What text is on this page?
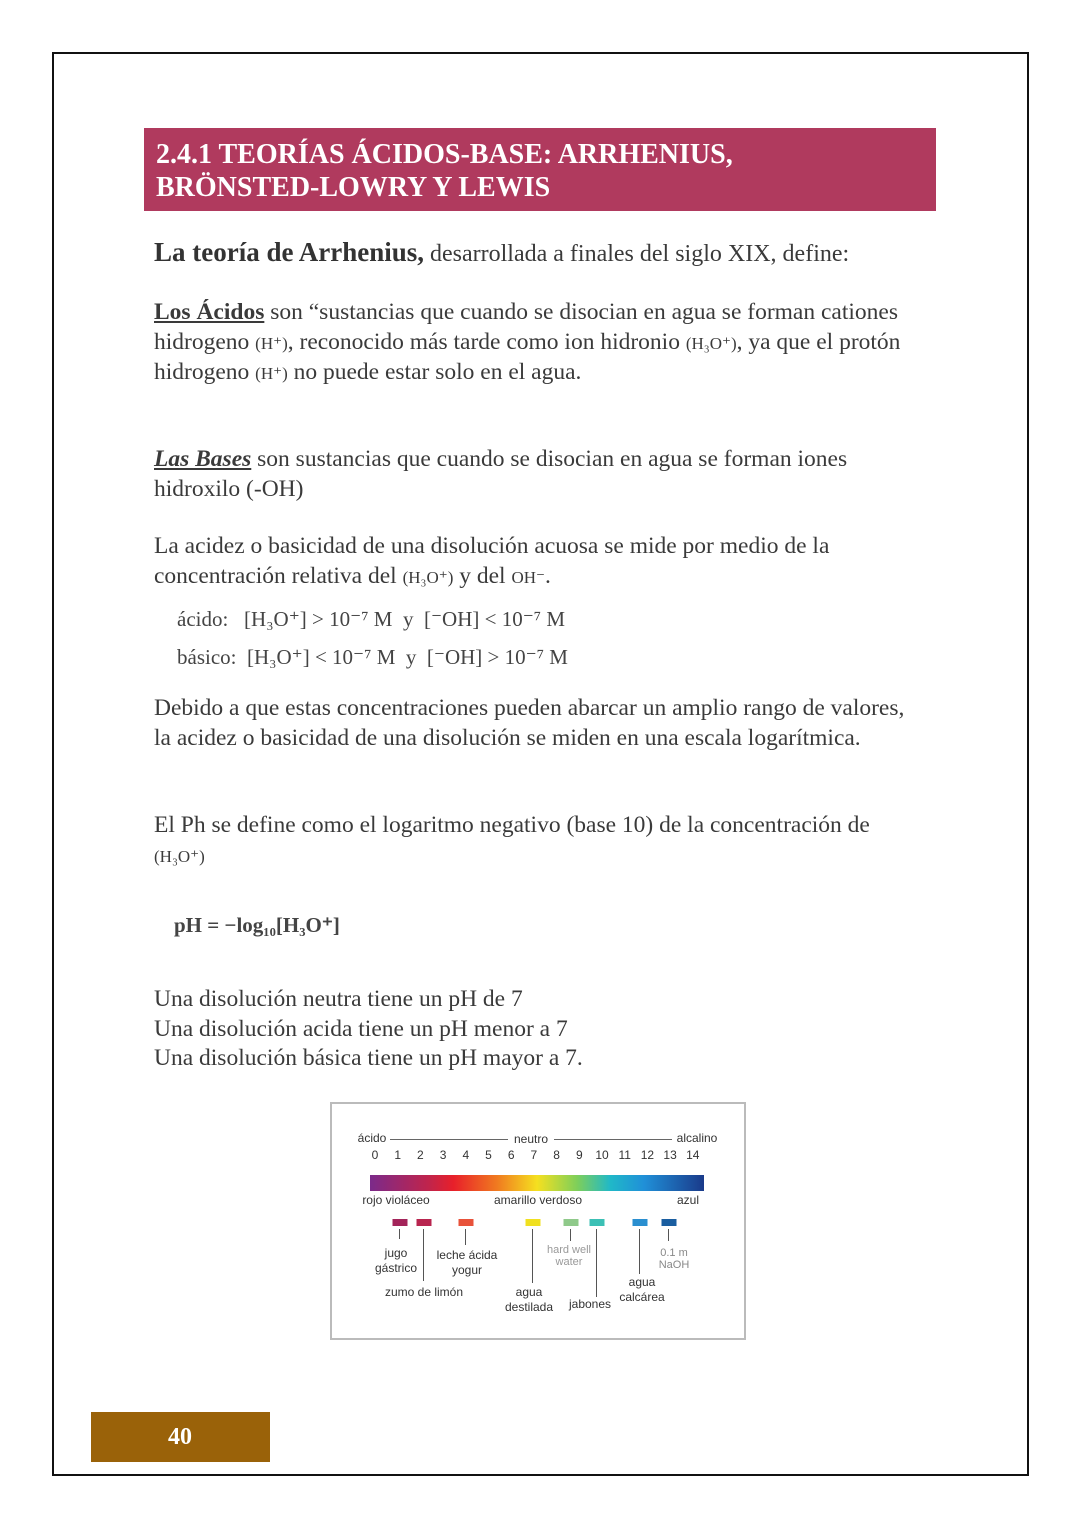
2.4.1 TEORÍAS ÁCIDOS-BASE: ARRHENIUS,
BRÖNSTED-LOWRY Y LEWIS
La teoría de Arrhenius, desarrollada a finales del siglo XIX, define:
Los Ácidos son “sustancias que cuando se disocian en agua se forman cationes hidrogeno (H⁺), reconocido más tarde como ion hidronio (H₃O⁺), ya que el protón hidrogeno (H⁺) no puede estar solo en el agua.
Las Bases son sustancias que cuando se disocian en agua se forman iones hidroxilo (-OH)
La acidez o basicidad de una disolución acuosa se mide por medio de la concentración relativa del (H₃O⁺) y del OH⁻.
ácido:   [H₃O⁺] > 10⁻⁷ M  y  [⁻OH] < 10⁻⁷ M
básico:  [H₃O⁺] < 10⁻⁷ M  y  [⁻OH] > 10⁻⁷ M
Debido a que estas concentraciones pueden abarcar un amplio rango de valores, la acidez o basicidad de una disolución se miden en una escala logarítmica.
El Ph se define como el logaritmo negativo (base 10) de la concentración de (H₃O⁺)
pH = −log₁₀[H₃O⁺]
Una disolución neutra tiene un pH de 7
Una disolución acida tiene un pH menor a 7
Una disolución básica tiene un pH mayor a 7.
ácido	neutro	alcalino
0 1 2 3 4 5 6 7 8 9 10 11 12 13 14
rojo violáceo	amarillo verdoso	azul
jugo
gástrico
zumo de limón
leche ácida
yogur
agua
destilada
hard well
water
jabones
agua
calcárea
0.1 m
NaOH
40
